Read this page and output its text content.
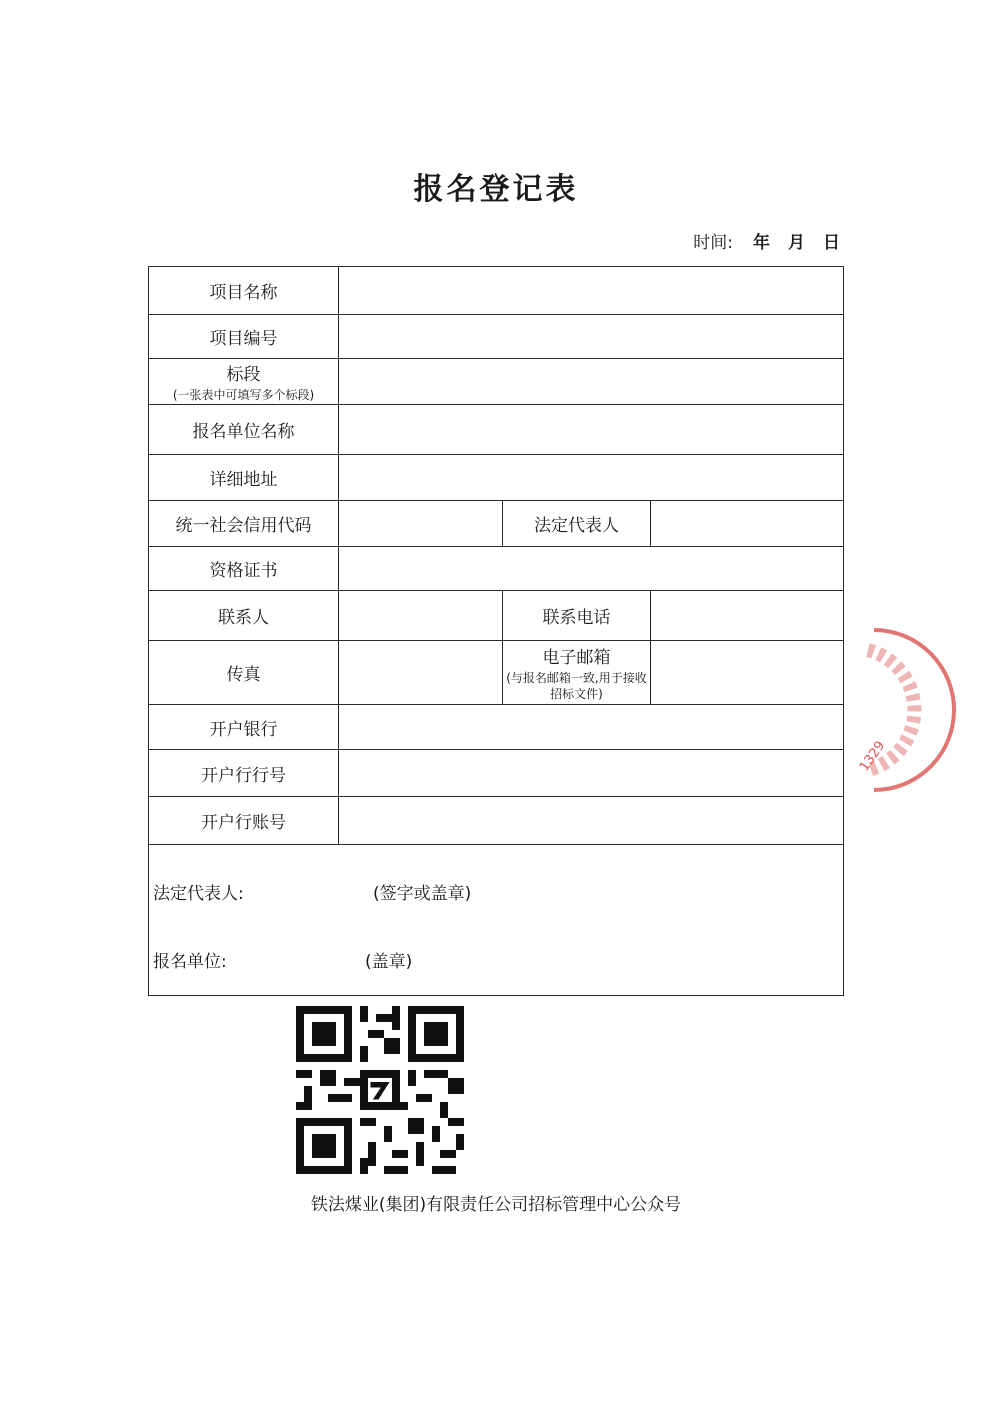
报名登记表
时间: 年 月 日
项目名称			
项目编号			
标段
(一张表中可填写多个标段)			

报名单位名称			
详细地址			
统一社会信用代码		法定代表人	
资格证书			
联系人		联系电话	
传真		电子邮箱
(与报名邮箱一致,用于接收招标文件)	

开户银行			
开户行行号			
开户行账号			

法定代表人: (签字或盖章)
报名单位: (盖章)			
铁法煤业(集团)有限责任公司招标管理中心公众号
1329
